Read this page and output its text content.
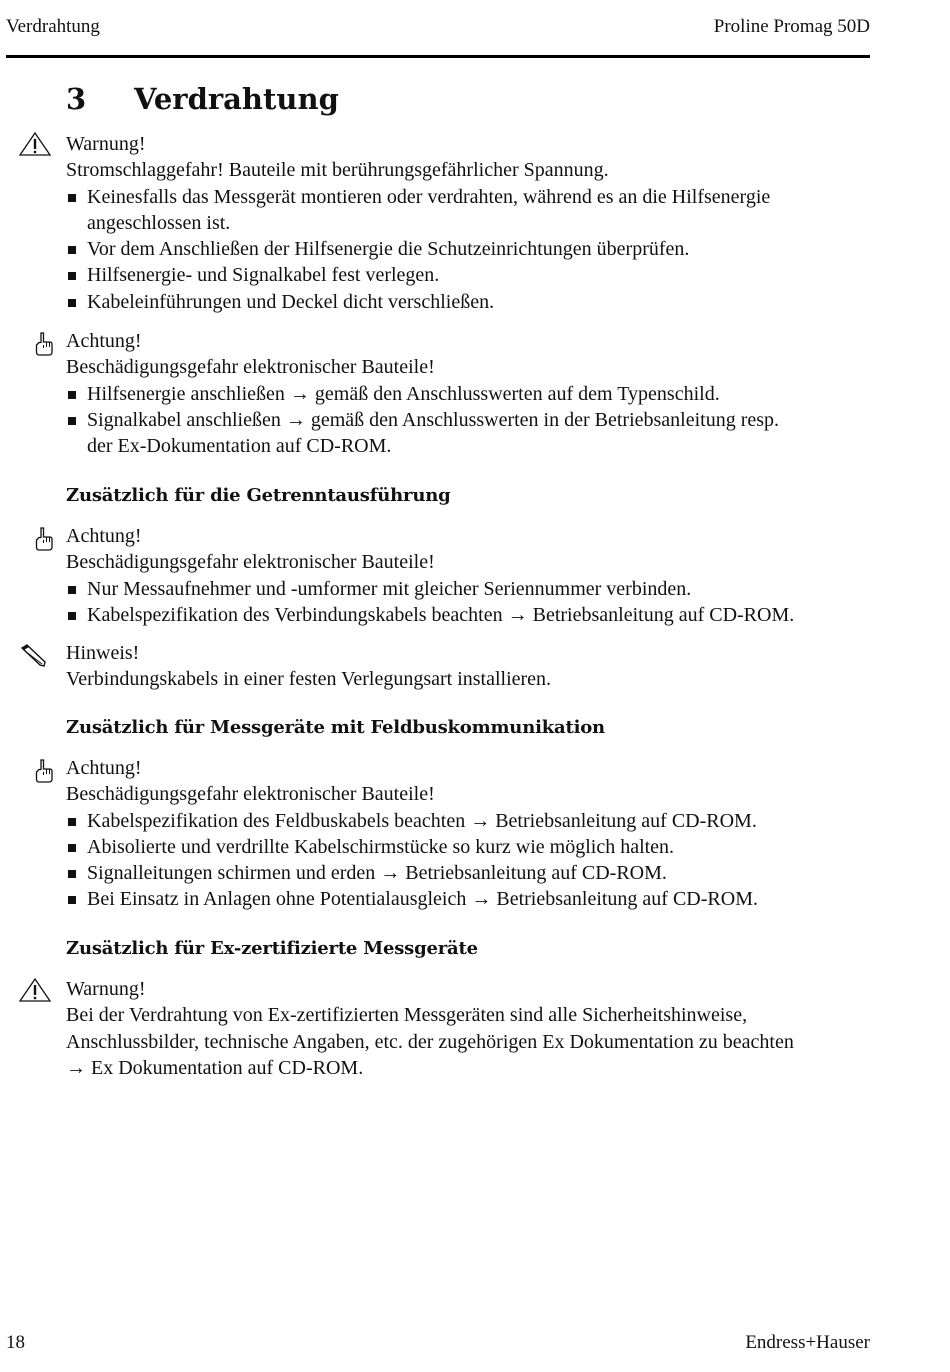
Verdrahtung	Proline Promag 50D
3 Verdrahtung
Warnung!
Stromschlaggefahr! Bauteile mit berührungsgefährlicher Spannung.
Keinesfalls das Messgerät montieren oder verdrahten, während es an die Hilfsenergie
angeschlossen ist.
Vor dem Anschließen der Hilfsenergie die Schutzeinrichtungen überprüfen.
Hilfsenergie- und Signalkabel fest verlegen.
Kabeleinführungen und Deckel dicht verschließen.
Achtung!
Beschädigungsgefahr elektronischer Bauteile!
Hilfsenergie anschließen → gemäß den Anschlusswerten auf dem Typenschild.
Signalkabel anschließen → gemäß den Anschlusswerten in der Betriebsanleitung resp.
der Ex-Dokumentation auf CD-ROM.
Zusätzlich für die Getrenntausführung
Achtung!
Beschädigungsgefahr elektronischer Bauteile!
Nur Messaufnehmer und -umformer mit gleicher Seriennummer verbinden.
Kabelspezifikation des Verbindungskabels beachten → Betriebsanleitung auf CD-ROM.
Hinweis!
Verbindungskabels in einer festen Verlegungsart installieren.
Zusätzlich für Messgeräte mit Feldbuskommunikation
Achtung!
Beschädigungsgefahr elektronischer Bauteile!
Kabelspezifikation des Feldbuskabels beachten → Betriebsanleitung auf CD-ROM.
Abisolierte und verdrillte Kabelschirmstücke so kurz wie möglich halten.
Signalleitungen schirmen und erden → Betriebsanleitung auf CD-ROM.
Bei Einsatz in Anlagen ohne Potentialausgleich → Betriebsanleitung auf CD-ROM.
Zusätzlich für Ex-zertifizierte Messgeräte
Warnung!
Bei der Verdrahtung von Ex-zertifizierten Messgeräten sind alle Sicherheitshinweise,
Anschlussbilder, technische Angaben, etc. der zugehörigen Ex Dokumentation zu beachten
→ Ex Dokumentation auf CD-ROM.
18	Endress+Hauser
